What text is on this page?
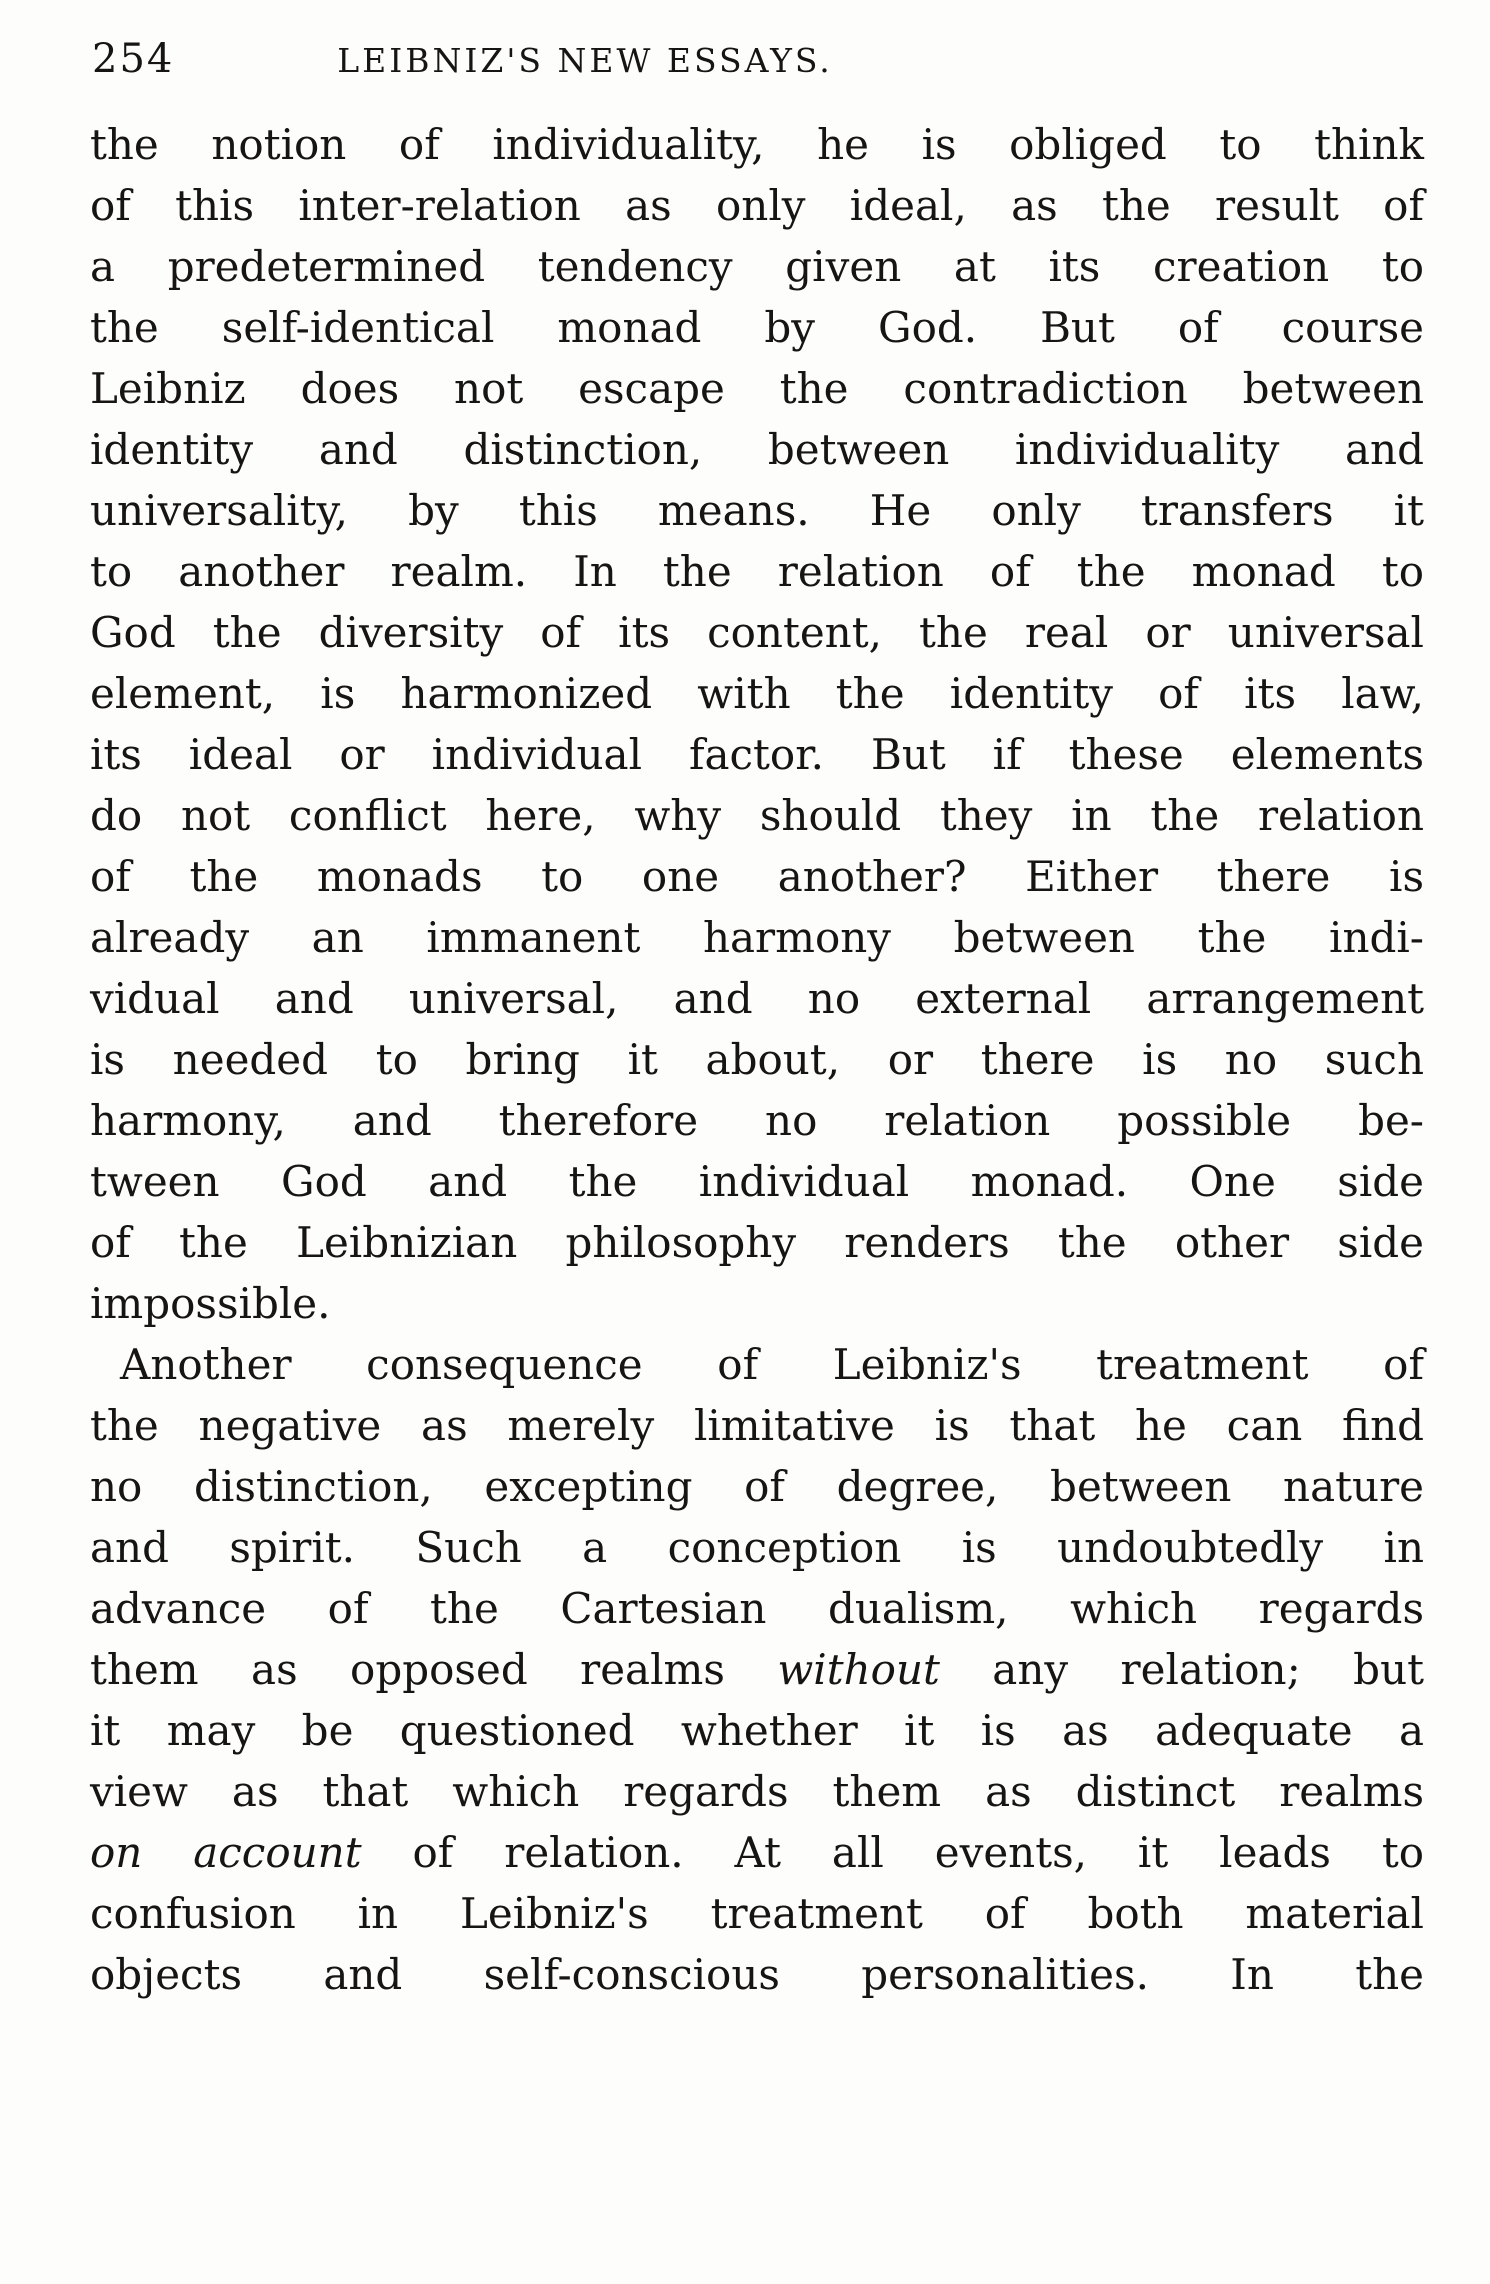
254	LEIBNIZ'S NEW ESSAYS.
the notion of individuality, he is obliged to think
of this inter-relation as only ideal, as the result of
a predetermined tendency given at its creation to
the self-identical monad by God. But of course
Leibniz does not escape the contradiction between
identity and distinction, between individuality and
universality, by this means. He only transfers it
to another realm. In the relation of the monad to
God the diversity of its content, the real or universal
element, is harmonized with the identity of its law,
its ideal or individual factor. But if these elements
do not conflict here, why should they in the relation
of the monads to one another? Either there is
already an immanent harmony between the indi-
vidual and universal, and no external arrangement
is needed to bring it about, or there is no such
harmony, and therefore no relation possible be-
tween God and the individual monad. One side
of the Leibnizian philosophy renders the other side
impossible.
Another consequence of Leibniz's treatment of
the negative as merely limitative is that he can find
no distinction, excepting of degree, between nature
and spirit. Such a conception is undoubtedly in
advance of the Cartesian dualism, which regards
them as opposed realms without any relation; but
it may be questioned whether it is as adequate a
view as that which regards them as distinct realms
on account of relation. At all events, it leads to
confusion in Leibniz's treatment of both material
objects and self-conscious personalities. In the
